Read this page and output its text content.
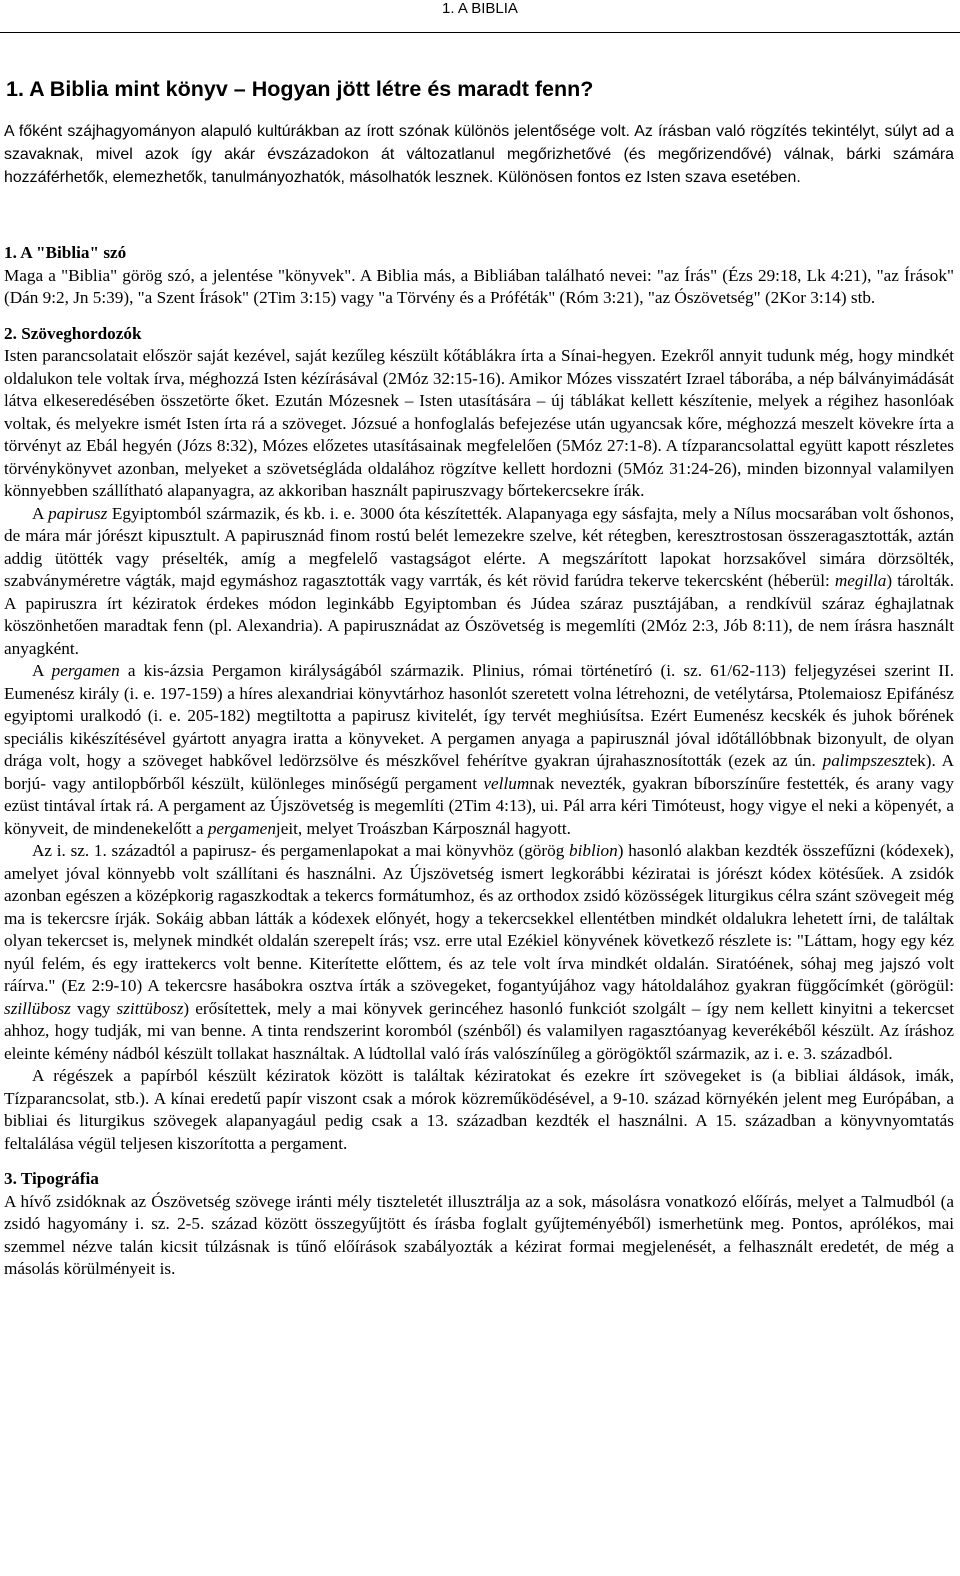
1. A BIBLIA
1. A Biblia mint könyv – Hogyan jött létre és maradt fenn?
A főként szájhagyományon alapuló kultúrákban az írott szónak különös jelentősége volt. Az írásban való rögzítés tekintélyt, súlyt ad a szavaknak, mivel azok így akár évszázadokon át változatlanul megőrizhetővé (és megőrizendővé) válnak, bárki számára hozzáférhetők, elemezhetők, tanulmányozhatók, másolhatók lesznek. Különösen fontos ez Isten szava esetében.
1. A "Biblia" szó

Maga a "Biblia" görög szó, a jelentése "könyvek". A Biblia más, a Bibliában található nevei: "az Írás" (Ézs 29:18, Lk 4:21), "az Írások" (Dán 9:2, Jn 5:39), "a Szent Írások" (2Tim 3:15) vagy "a Törvény és a Próféták" (Róm 3:21), "az Ószövetség" (2Kor 3:14) stb.

2. Szöveghordozók

Isten parancsolatait először saját kezével, saját kezűleg készült kőtáblákra írta a Sínai-hegyen. Ezekről annyit tudunk még, hogy mindkét oldalukon tele voltak írva, méghozzá Isten kézírásával (2Móz 32:15-16). Amikor Mózes visszatért Izrael táborába, a nép bálványimádását látva elkeseredésében összetörte őket. Ezután Mózesnek – Isten utasítására – új táblákat kellett készítenie, melyek a régihez hasonlóak voltak, és melyekre ismét Isten írta rá a szöveget. Józsué a honfoglalás befejezése után ugyancsak kőre, méghozzá meszelt kövekre írta a törvényt az Ebál hegyén (Józs 8:32), Mózes előzetes utasításainak megfelelően (5Móz 27:1-8). A tízparancsolattal együtt kapott részletes törvénykönyvet azonban, melyeket a szövetségláda oldalához rögzítve kellett hordozni (5Móz 31:24-26), minden bizonnyal valamilyen könnyebben szállítható alapanyagra, az akkoriban használt papiruszvagy bőrtekercsekre írák.

A papirusz Egyiptomból származik, és kb. i. e. 3000 óta készítették. Alapanyaga egy sásfajta, mely a Nílus mocsarában volt őshonos, de mára már jórészt kipusztult. A papirusznád finom rostú belét lemezekre szelve, két rétegben, keresztrostosan összeragasztották, aztán addig ütötték vagy préselték, amíg a megfelelő vastagságot elérte. A megszárított lapokat horzsakővel simára dörzsölték, szabványméretre vágták, majd egymáshoz ragasztották vagy varrták, és két rövid farúdra tekerve tekercsként (héberül: megilla) tárolták. A papiruszra írt kéziratok érdekes módon leginkább Egyiptomban és Júdea száraz pusztájában, a rendkívül száraz éghajlatnak köszönhetően maradtak fenn (pl. Alexandria). A papirusznádat az Ószövetség is megemlíti (2Móz 2:3, Jób 8:11), de nem írásra használt anyagként.

A pergamen a kis-ázsia Pergamon királyságából származik. Plinius, római történetíró (i. sz. 61/62-113) feljegyzései szerint II. Eumenész király (i. e. 197-159) a híres alexandriai könyvtárhoz hasonlót szeretett volna létrehozni, de vetélytársa, Ptolemaiosz Epifánész egyiptomi uralkodó (i. e. 205-182) megtiltotta a papirusz kivitelét, így tervét meghiúsítsa. Ezért Eumenész kecskék és juhok bőrének speciális kikészítésével gyártott anyagra iratta a könyveket. A pergamen anyaga a papirusznál jóval időtállóbbnak bizonyult, de olyan drága volt, hogy a szöveget habkővel ledörzsölve és mészkővel fehérítve gyakran újrahasznosították (ezek az ún. palimpszesztek). A borjú- vagy antilopbőrből készült, különleges minőségű pergament vellumnak nevezték, gyakran bíborszínűre festették, és arany vagy ezüst tintával írtak rá. A pergament az Újszövetség is megemlíti (2Tim 4:13), ui. Pál arra kéri Timóteust, hogy vigye el neki a köpenyét, a könyveit, de mindenekelőtt a pergamenjeit, melyet Troászban Kárposznál hagyott.

Az i. sz. 1. századtól a papirusz- és pergamenlapokat a mai könyvhöz (görög biblion) hasonló alakban kezdték összefűzni (kódexek), amelyet jóval könnyebb volt szállítani és használni. Az Újszövetség ismert legkorábbi kéziratai is jórészt kódex kötésűek. A zsidók azonban egészen a középkorig ragaszkodtak a tekercs formátumhoz, és az orthodox zsidó közösségek liturgikus célra szánt szövegeit még ma is tekercsre írják. Sokáig abban látták a kódexek előnyét, hogy a tekercsekkel ellentétben mindkét oldalukra lehetett írni, de találtak olyan tekercset is, melynek mindkét oldalán szerepelt írás; vsz. erre utal Ezékiel könyvének következő részlete is: "Láttam, hogy egy kéz nyúl felém, és egy irattekercs volt benne. Kiterítette előttem, és az tele volt írva mindkét oldalán. Siratóének, sóhaj meg jajszó volt ráírva." (Ez 2:9-10) A tekercsre hasábokra osztva írták a szövegeket, fogantyújához vagy hátoldalához gyakran függőcímkét (görögül: szillübosz vagy szittübosz) erősítettek, mely a mai könyvek gerincéhez hasonló funkciót szolgált – így nem kellett kinyitni a tekercset ahhoz, hogy tudják, mi van benne. A tinta rendszerint koromból (szénből) és valamilyen ragasztóanyag keverékéből készült. Az íráshoz eleinte kémény nádból készült tollakat használtak. A lúdtollal való írás valószínűleg a görögöktől származik, az i. e. 3. századból.

A régészek a papírból készült kéziratok között is találtak kéziratokat és ezekre írt szövegeket is (a bibliai áldások, imák, Tízparancsolat, stb.). A kínai eredetű papír viszont csak a mórok közreműködésével, a 9-10. század környékén jelent meg Európában, a bibliai és liturgikus szövegek alapanyagául pedig csak a 13. században kezdték el használni. A 15. században a könyvnyomtatás feltalálása végül teljesen kiszorította a pergament.

3. Tipográfia

A hívő zsidóknak az Ószövetség szövege iránti mély tiszteletét illusztrálja az a sok, másolásra vonatkozó előírás, melyet a Talmudból (a zsidó hagyomány i. sz. 2-5. század között összegyűjtött és írásba foglalt gyűjteményéből) ismerhetünk meg. Pontos, aprólékos, mai szemmel nézve talán kicsit túlzásnak is tűnő előírások szabályozták a kézirat formai megjelenését, a felhasznált eredetét, de még a másolás körülményeit is.
